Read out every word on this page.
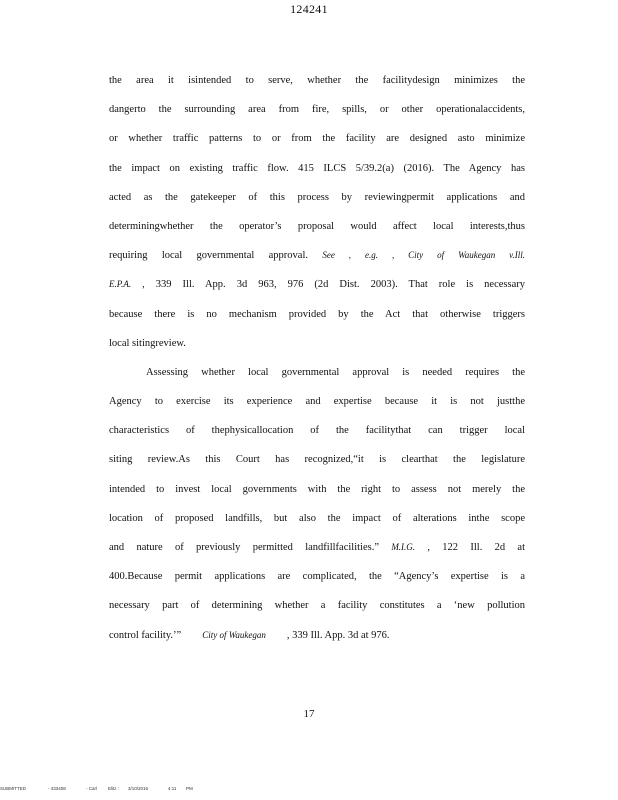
124241
the area it isintended to serve, whether the facilitydesign minimizes the
dangerto the surrounding area from fire, spills, or other operationalaccidents,
or whether traffic patterns to or from the facility are designed asto minimize
the impact on existing traffic flow. 415 ILCS 5/39.2(a) (2016). The Agency has
acted as the gatekeeper of this process by reviewingpermit applications and
determiningwhether the operator’s proposal would affect local interests,thus
requiring local governmental approval. See , e.g. , City of Waukegan v.Ill.
E.P.A. , 339 Ill. App. 3d 963, 976 (2d Dist. 2003). That role is necessary
because there is no mechanism provided by the Act that otherwise triggers
local sitingreview.
Assessing whether local governmental approval is needed requires the
Agency to exercise its experience and expertise because it is not justthe
characteristics of thephysicallocation of the facilitythat can trigger local
siting review.As this Court has recognized,“it is clearthat the legislature
intended to invest local governments with the right to assess not merely the
location of proposed landfills, but also the impact of alterations inthe scope
and nature of previously permitted landfillfacilities.” M.I.G. , 122 Ill. 2d at
400.Because permit applications are complicated, the “Agency’s expertise is a
necessary part of determining whether a facility constitutes a ‘new pollution
control facility.’” City of Waukegan , 339 Ill. App. 3d at 976.
17
SUBMITTED	- 433408	- Carl Elitz : 3/10/2016	4:11 PM
